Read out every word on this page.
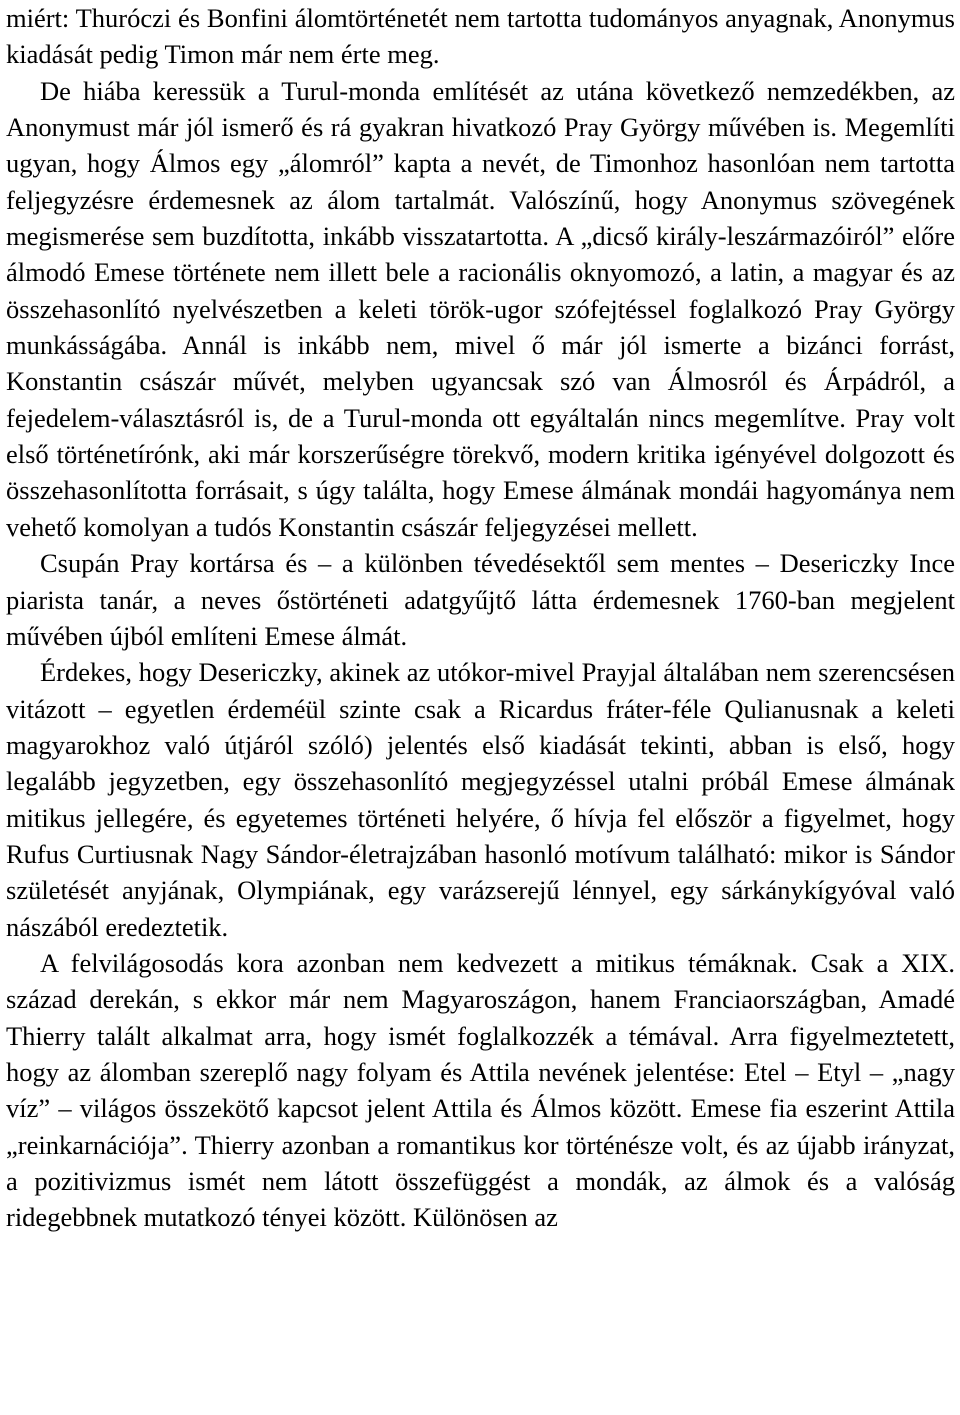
miért: Thuróczi és Bonfini álomtörténetét nem tartotta tudományos anyagnak, Anonymus kiadását pedig Timon már nem érte meg.

De hiába keressük a Turul-monda említését az utána következő nemzedékben, az Anonymust már jól ismerő és rá gyakran hivatkozó Pray György művében is. Megemlíti ugyan, hogy Álmos egy „álomról” kapta a nevét, de Timonhoz hasonlóan nem tartotta feljegyzésre érdemesnek az álom tartalmát. Valószínű, hogy Anonymus szövegének megismerése sem buzdította, inkább visszatartotta. A „dicső király-leszármazóiról” előre álmodó Emese története nem illett bele a racionális oknyomozó, a latin, a magyar és az összehasonlító nyelvészetben a keleti török-ugor szófejtéssel foglalkozó Pray György munkásságába. Annál is inkább nem, mivel ő már jól ismerte a bizánci forrást, Konstantin császár művét, melyben ugyancsak szó van Álmosról és Árpádról, a fejedelem-választásról is, de a Turul-monda ott egyáltalán nincs megemlítve. Pray volt első történetírónk, aki már korszerűségre törekvő, modern kritika igényével dolgozott és összehasonlította forrásait, s úgy találta, hogy Emese álmának mondái hagyománya nem vehető komolyan a tudós Konstantin császár feljegyzései mellett.

Csupán Pray kortársa és – a különben tévedésektől sem mentes – Desericzky Ince piarista tanár, a neves őstörténeti adatgyűjtő látta érdemesnek 1760-ban megjelent művében újból említeni Emese álmát.

Érdekes, hogy Desericzky, akinek az utókor-mivel Prayjal általában nem szerencsésen vitázott – egyetlen érdeméül szinte csak a Ricardus fráter-féle Qulianusnak a keleti magyarokhoz való útjáról szóló) jelentés első kiadását tekinti, abban is első, hogy legalább jegyzetben, egy összehasonlító megjegyzéssel utalni próbál Emese álmának mitikus jellegére, és egyetemes történeti helyére, ő hívja fel először a figyelmet, hogy Rufus Curtiusnak Nagy Sándor-életrajzában hasonló motívum található: mikor is Sándor születését anyjának, Olympiának, egy varázserejű lénnyel, egy sárkánykígyóval való nászából eredeztetik.

A felvilágosodás kora azonban nem kedvezett a mitikus témáknak. Csak a XIX. század derekán, s ekkor már nem Magyaroszágon, hanem Franciaországban, Amadé Thierry talált alkalmat arra, hogy ismét foglalkozzék a témával. Arra figyelmeztetett, hogy az álomban szereplő nagy folyam és Attila nevének jelentése: Etel – Etyl – „nagy víz” – világos összekötő kapcsot jelent Attila és Álmos között. Emese fia eszerint Attila „reinkarnációja”. Thierry azonban a romantikus kor történésze volt, és az újabb irányzat, a pozitivizmus ismét nem látott összefüggést a mondák, az álmok és a valóság ridegebbnek mutatkozó tényei között. Különösen az
